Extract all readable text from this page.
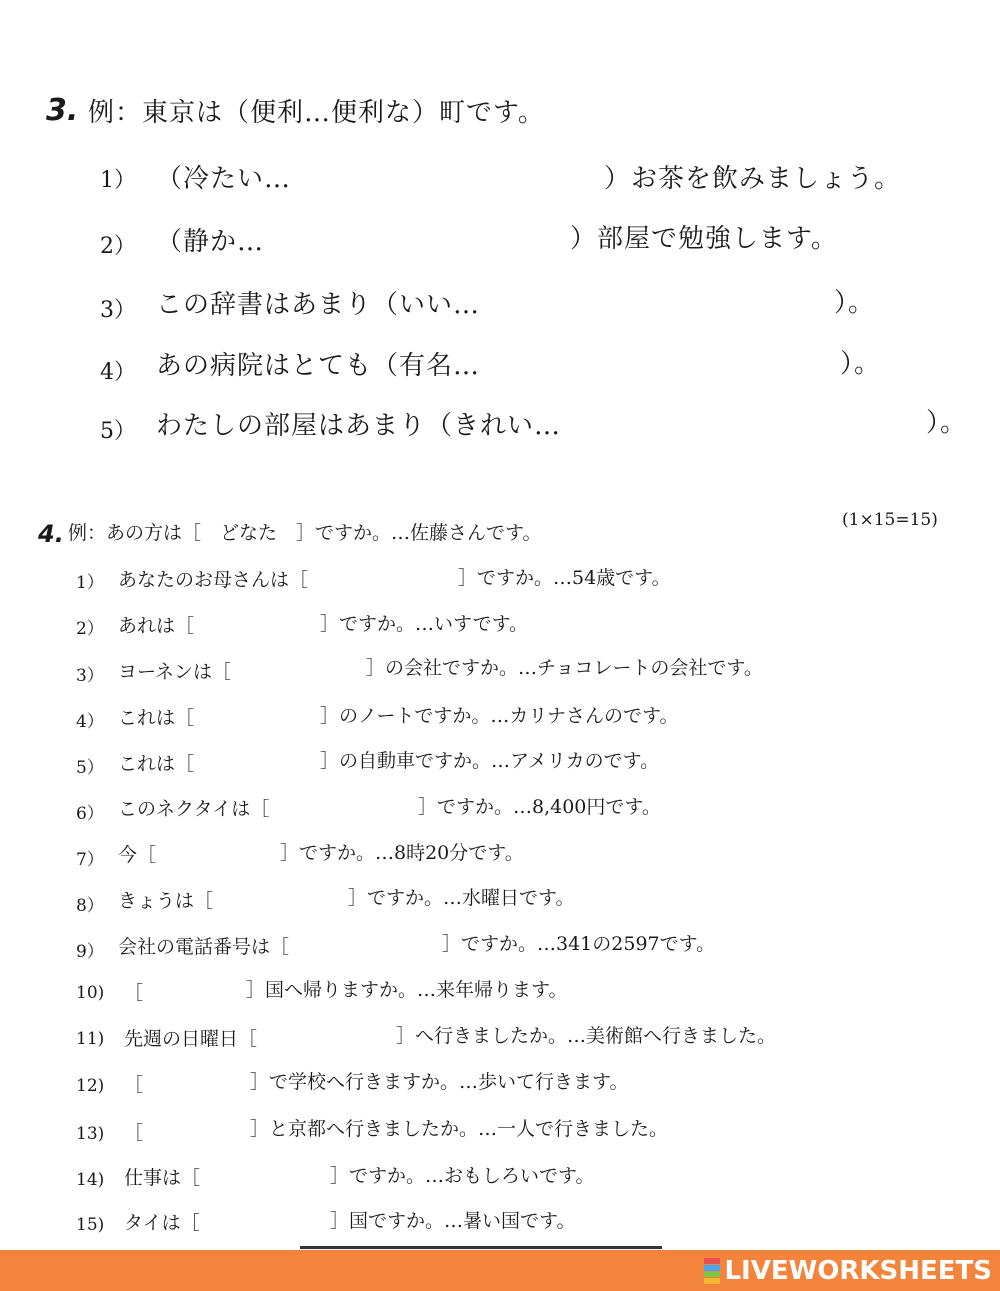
3. 例：東京は（便利…便利な）町です。
1） （冷たい…	）お茶を飲みましょう。
2） （静か…	）部屋で勉強します。
3） この辞書はあまり（いい…	）。
4） あの病院はとても（有名…	）。
5） わたしの部屋はあまり（きれい…	）。
4. 例：あの方は［　どなた　］ですか。…佐藤さんです。
(1×15=15)
1） あなたのお母さんは［	］ですか。…54歳です。
2） あれは［	］ですか。…いすです。
3） ヨーネンは［	］の会社ですか。…チョコレートの会社です。
4） これは［	］のノートですか。…カリナさんのです。
5） これは［	］の自動車ですか。…アメリカのです。
6） このネクタイは［	］ですか。…8,400円です。
7） 今［	］ですか。…8時20分です。
8） きょうは［	］ですか。…水曜日です。
9） 会社の電話番号は［	］ですか。…341の2597です。
10) ［	］国へ帰りますか。…来年帰ります。
11) 先週の日曜日［	］へ行きましたか。…美術館へ行きました。
12) ［	］で学校へ行きますか。…歩いて行きます。
13) ［	］と京都へ行きましたか。…一人で行きました。
14) 仕事は［	］ですか。…おもしろいです。
15) タイは［	］国ですか。…暑い国です。
LIVEWORKSHEETS
